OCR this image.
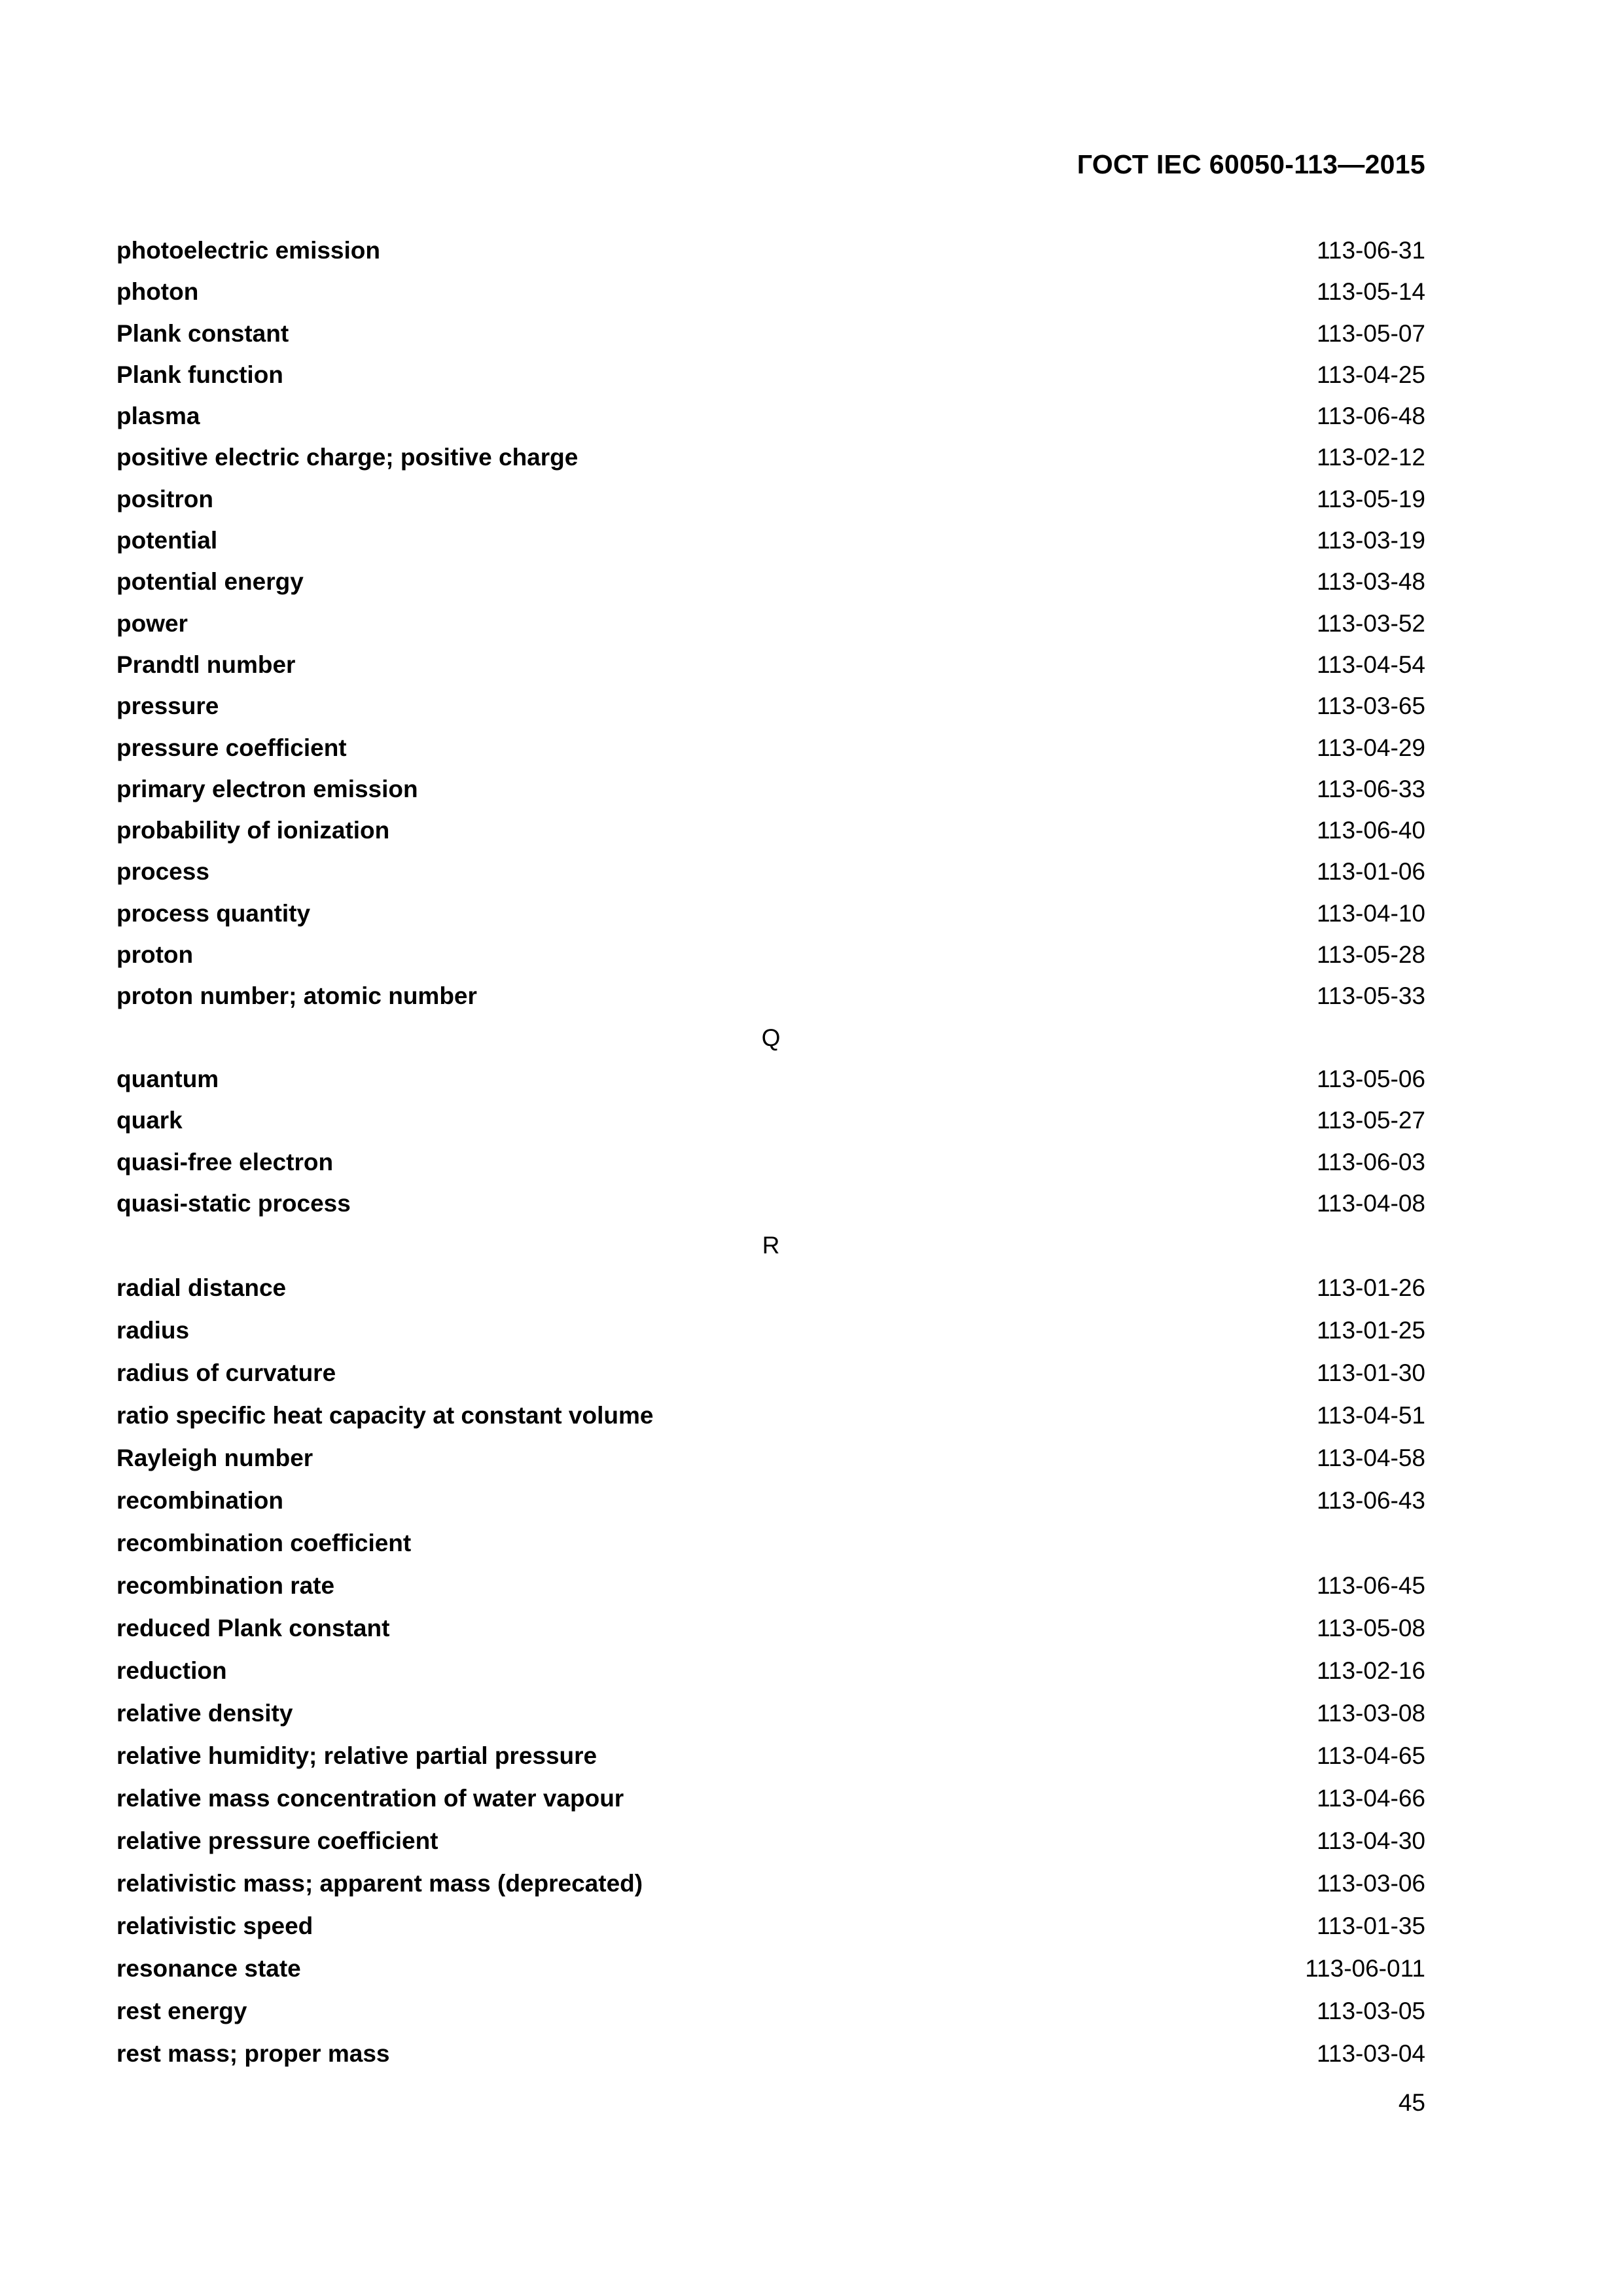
ГОСТ IEC 60050-113—2015
photoelectric emission	113-06-31
photon	113-05-14
Plank constant	113-05-07
Plank function	113-04-25
plasma	113-06-48
positive electric charge; positive charge	113-02-12
positron	113-05-19
potential	113-03-19
potential energy	113-03-48
power	113-03-52
Prandtl number	113-04-54
pressure	113-03-65
pressure coefficient	113-04-29
primary electron emission	113-06-33
probability of ionization	113-06-40
process	113-01-06
process quantity	113-04-10
proton	113-05-28
proton number; atomic number	113-05-33
Q
quantum	113-05-06
quark	113-05-27
quasi-free electron	113-06-03
quasi-static process	113-04-08
R
radial distance	113-01-26
radius	113-01-25
radius of curvature	113-01-30
ratio specific heat capacity at constant volume	113-04-51
Rayleigh number	113-04-58
recombination	113-06-43
recombination coefficient
recombination rate	113-06-45
reduced Plank constant	113-05-08
reduction	113-02-16
relative density	113-03-08
relative humidity; relative partial pressure	113-04-65
relative mass concentration of water vapour	113-04-66
relative pressure coefficient	113-04-30
relativistic mass; apparent mass (deprecated)	113-03-06
relativistic speed	113-01-35
resonance state	113-06-011
rest energy	113-03-05
rest mass; proper mass	113-03-04
45
